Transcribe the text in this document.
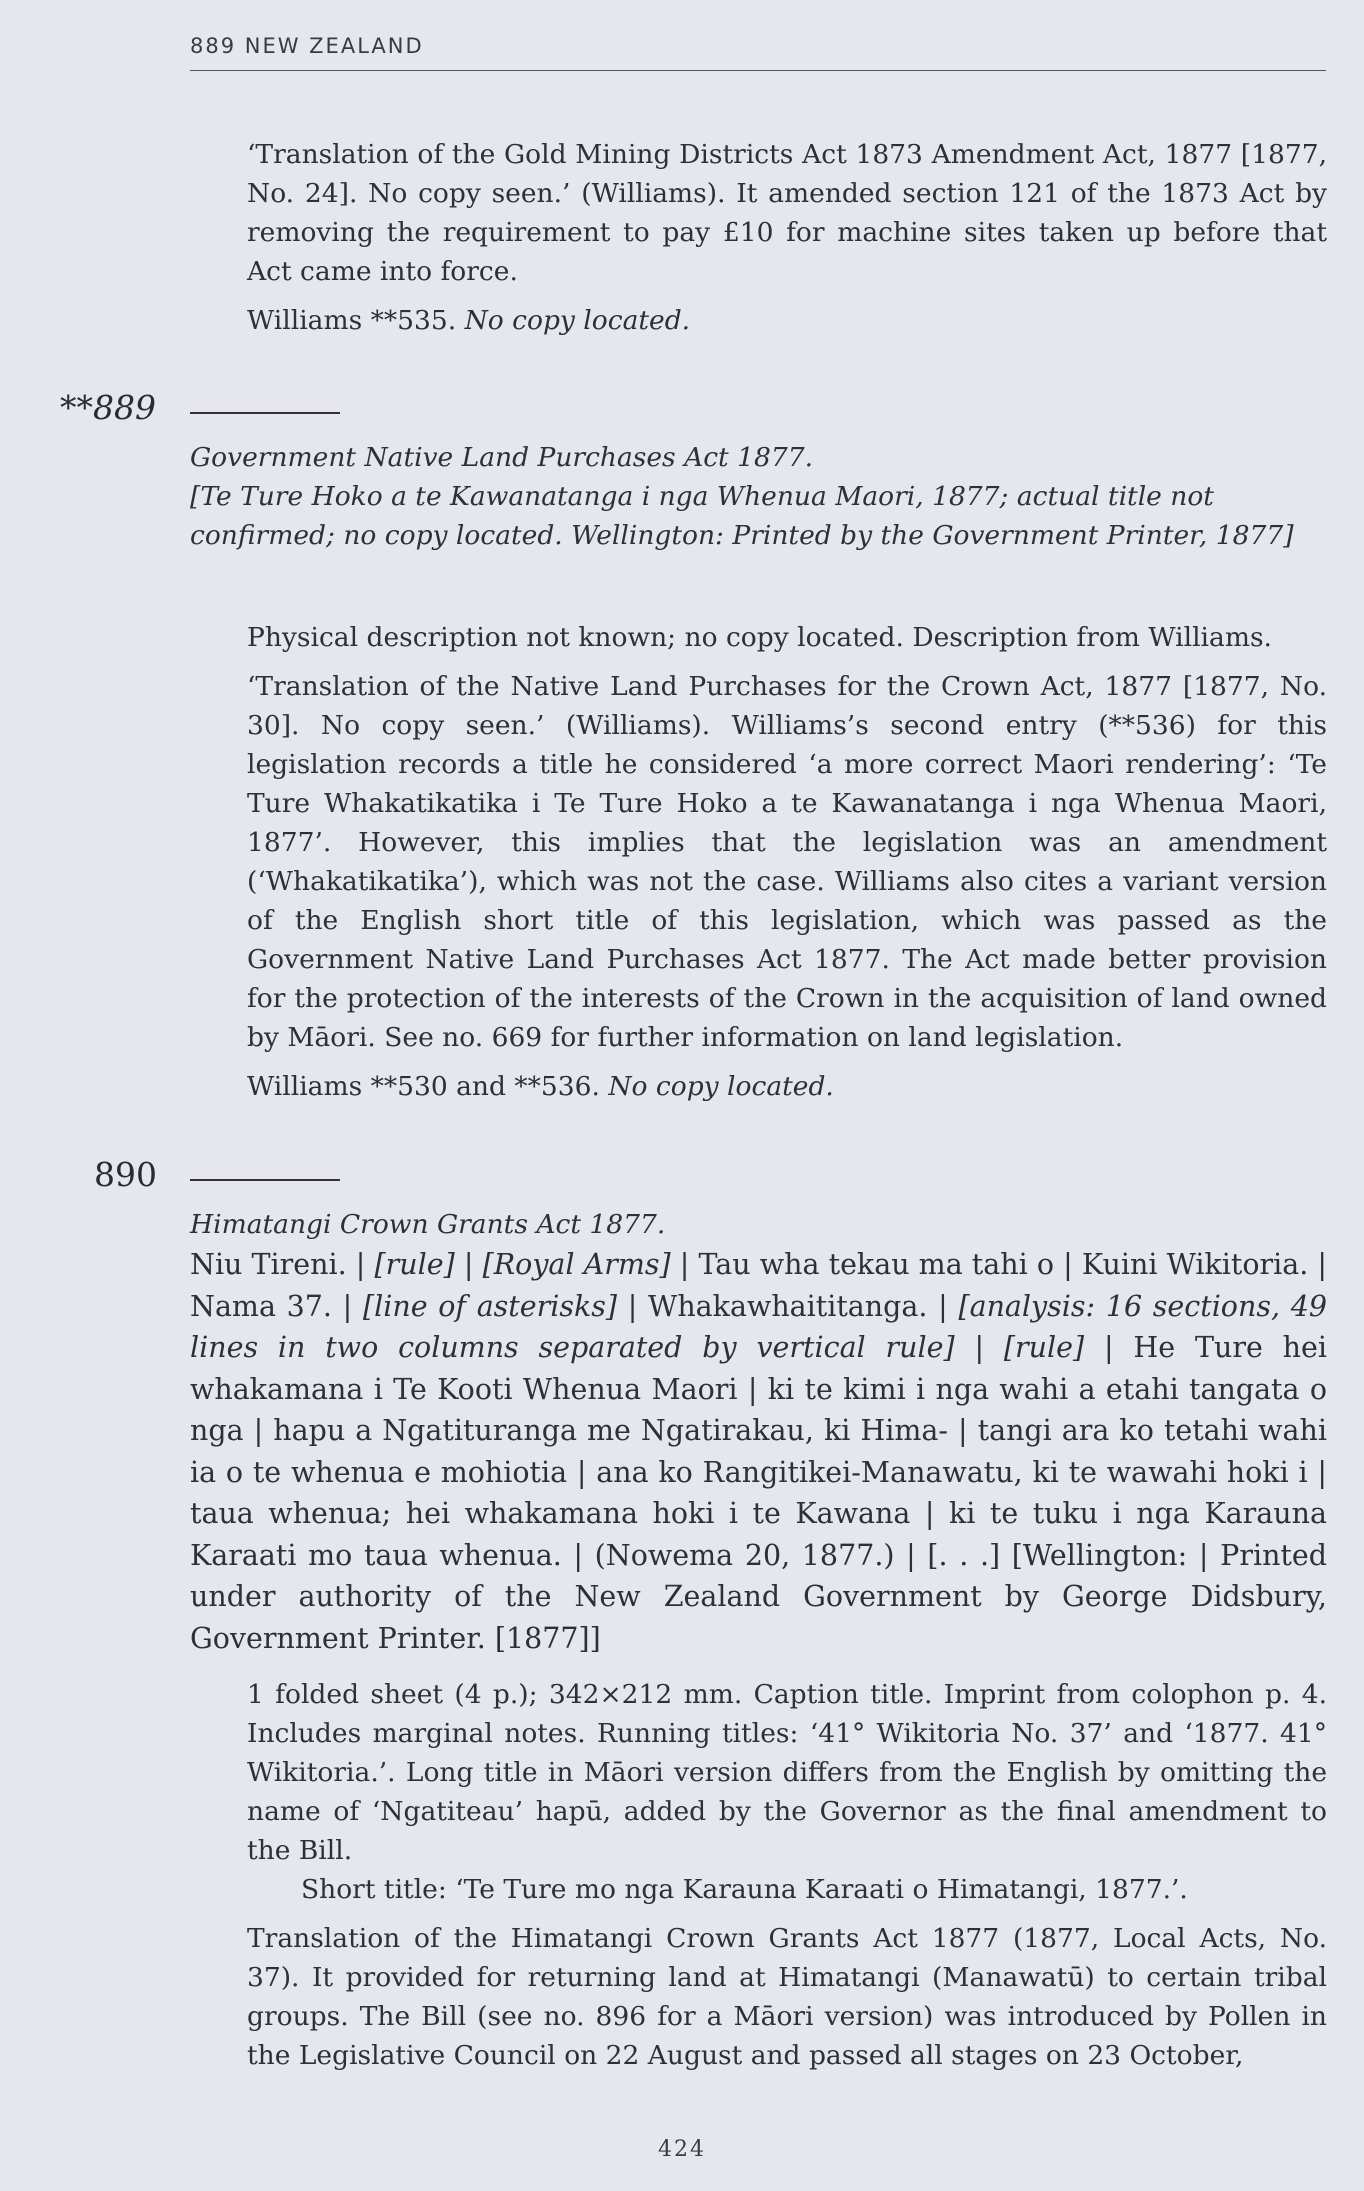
889 NEW ZEALAND

‘Translation of the Gold Mining Districts Act 1873 Amendment Act, 1877 [1877, No. 24]. No copy seen.’ (Williams). It amended section 121 of the 1873 Act by removing the requirement to pay £10 for machine sites taken up before that Act came into force.

Williams **535. No copy located.

**889
Government Native Land Purchases Act 1877.
[Te Ture Hoko a te Kawanatanga i nga Whenua Maori, 1877; actual title not confirmed; no copy located. Wellington: Printed by the Government Printer, 1877]

Physical description not known; no copy located. Description from Williams.

‘Translation of the Native Land Purchases for the Crown Act, 1877 [1877, No. 30]. No copy seen.’ (Williams). Williams’s second entry (**536) for this legislation records a title he considered ‘a more correct Maori rendering’: ‘Te Ture Whakatikatika i Te Ture Hoko a te Kawanatanga i nga Whenua Maori, 1877’. However, this implies that the legislation was an amendment (‘Whakatikatika’), which was not the case. Williams also cites a variant version of the English short title of this legislation, which was passed as the Government Native Land Purchases Act 1877. The Act made better provision for the protection of the interests of the Crown in the acquisition of land owned by Māori. See no. 669 for further information on land legislation.

Williams **530 and **536. No copy located.

890
Himatangi Crown Grants Act 1877.
Niu Tireni. | [rule] | [Royal Arms] | Tau wha tekau ma tahi o | Kuini Wikitoria. | Nama 37. | [line of asterisks] | Whakawhaititanga. | [analysis: 16 sections, 49 lines in two columns separated by vertical rule] | [rule] | He Ture hei whakamana i Te Kooti Whenua Maori | ki te kimi i nga wahi a etahi tangata o nga | hapu a Ngatituranga me Ngatirakau, ki Hima- | tangi ara ko tetahi wahi ia o te whenua e mohiotia | ana ko Rangitikei-Manawatu, ki te wawahi hoki i | taua whenua; hei whakamana hoki i te Kawana | ki te tuku i nga Karauna Karaati mo taua whenua. | (Nowema 20, 1877.) | [. . .] [Wellington: | Printed under authority of the New Zealand Government by George Didsbury, Government Printer. [1877]]

1 folded sheet (4 p.); 342×212 mm. Caption title. Imprint from colophon p. 4. Includes marginal notes. Running titles: ‘41° Wikitoria No. 37’ and ‘1877. 41° Wikitoria.’. Long title in Māori version differs from the English by omitting the name of ‘Ngatiteau’ hapū, added by the Governor as the final amendment to the Bill.

Short title: ‘Te Ture mo nga Karauna Karaati o Himatangi, 1877.’.

Translation of the Himatangi Crown Grants Act 1877 (1877, Local Acts, No. 37). It provided for returning land at Himatangi (Manawatū) to certain tribal groups. The Bill (see no. 896 for a Māori version) was introduced by Pollen in the Legislative Council on 22 August and passed all stages on 23 October,

424
